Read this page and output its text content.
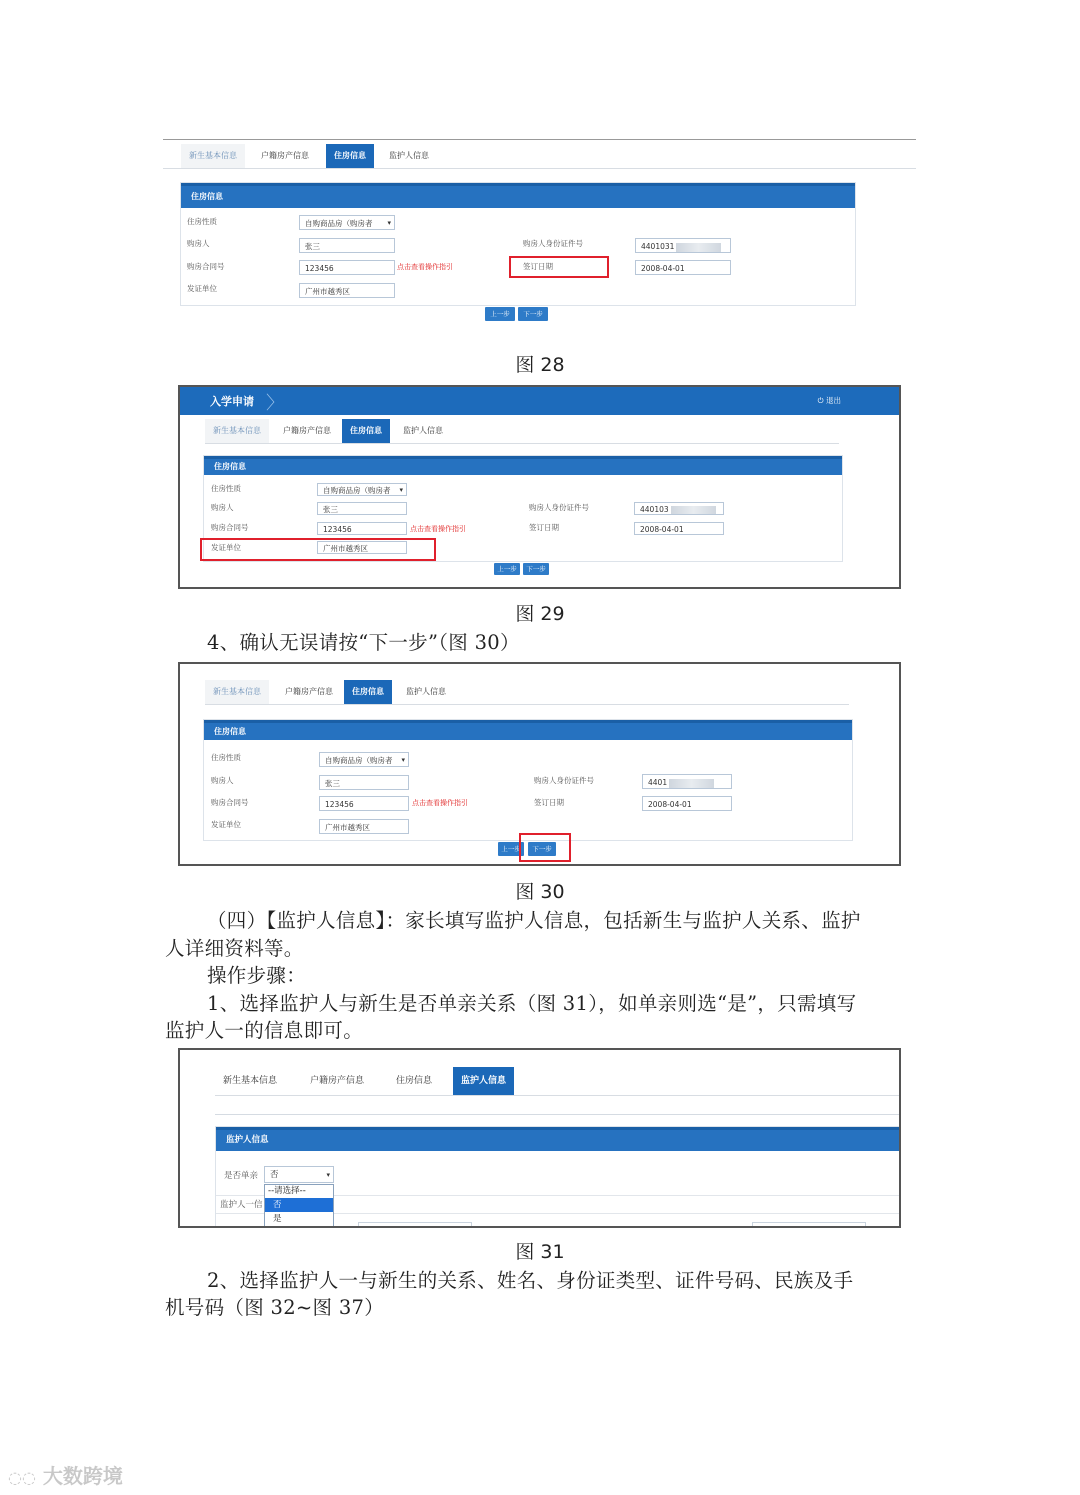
新生基本信息	户籍房产信息	住房信息	监护人信息
住房信息
住房性质	自购商品房（购房者 ▾
购房人	张三	购房人身份证件号	4401031
购房合同号	123456	点击查看操作指引	签订日期	2008-04-01
发证单位	广州市越秀区
上一步	下一步
图 28
入学申请 〉	⏻ 退出
新生基本信息	户籍房产信息	住房信息	监护人信息
住房信息
住房性质	自购商品房（购房者 ▾
购房人	张三	购房人身份证件号	440103
购房合同号	123456	点击查看操作指引	签订日期	2008-04-01
发证单位	广州市越秀区
上一步	下一步
图 29
4、确认无误请按“下一步”（图 30）
新生基本信息	户籍房产信息	住房信息	监护人信息
住房信息
住房性质	自购商品房（购房者 ▾
购房人	张三	购房人身份证件号	4401
购房合同号	123456	点击查看操作指引	签订日期	2008-04-01
发证单位	广州市越秀区
上一步	下一步
图 30
（四）【监护人信息】：家长填写监护人信息，包括新生与监护人关系、监护
人详细资料等。
操作步骤：
1、选择监护人与新生是否单亲关系（图 31），如单亲则选“是”，只需填写
监护人一的信息即可。
新生基本信息	户籍房产信息	住房信息	监护人信息
监护人信息
是否单亲	否 ▾
监护人一信
--请选择--
否
是
图 31
2、选择监护人一与新生的关系、姓名、身份证类型、证件号码、民族及手
机号码（图 32~图 37）
◌◌ 大数跨境
